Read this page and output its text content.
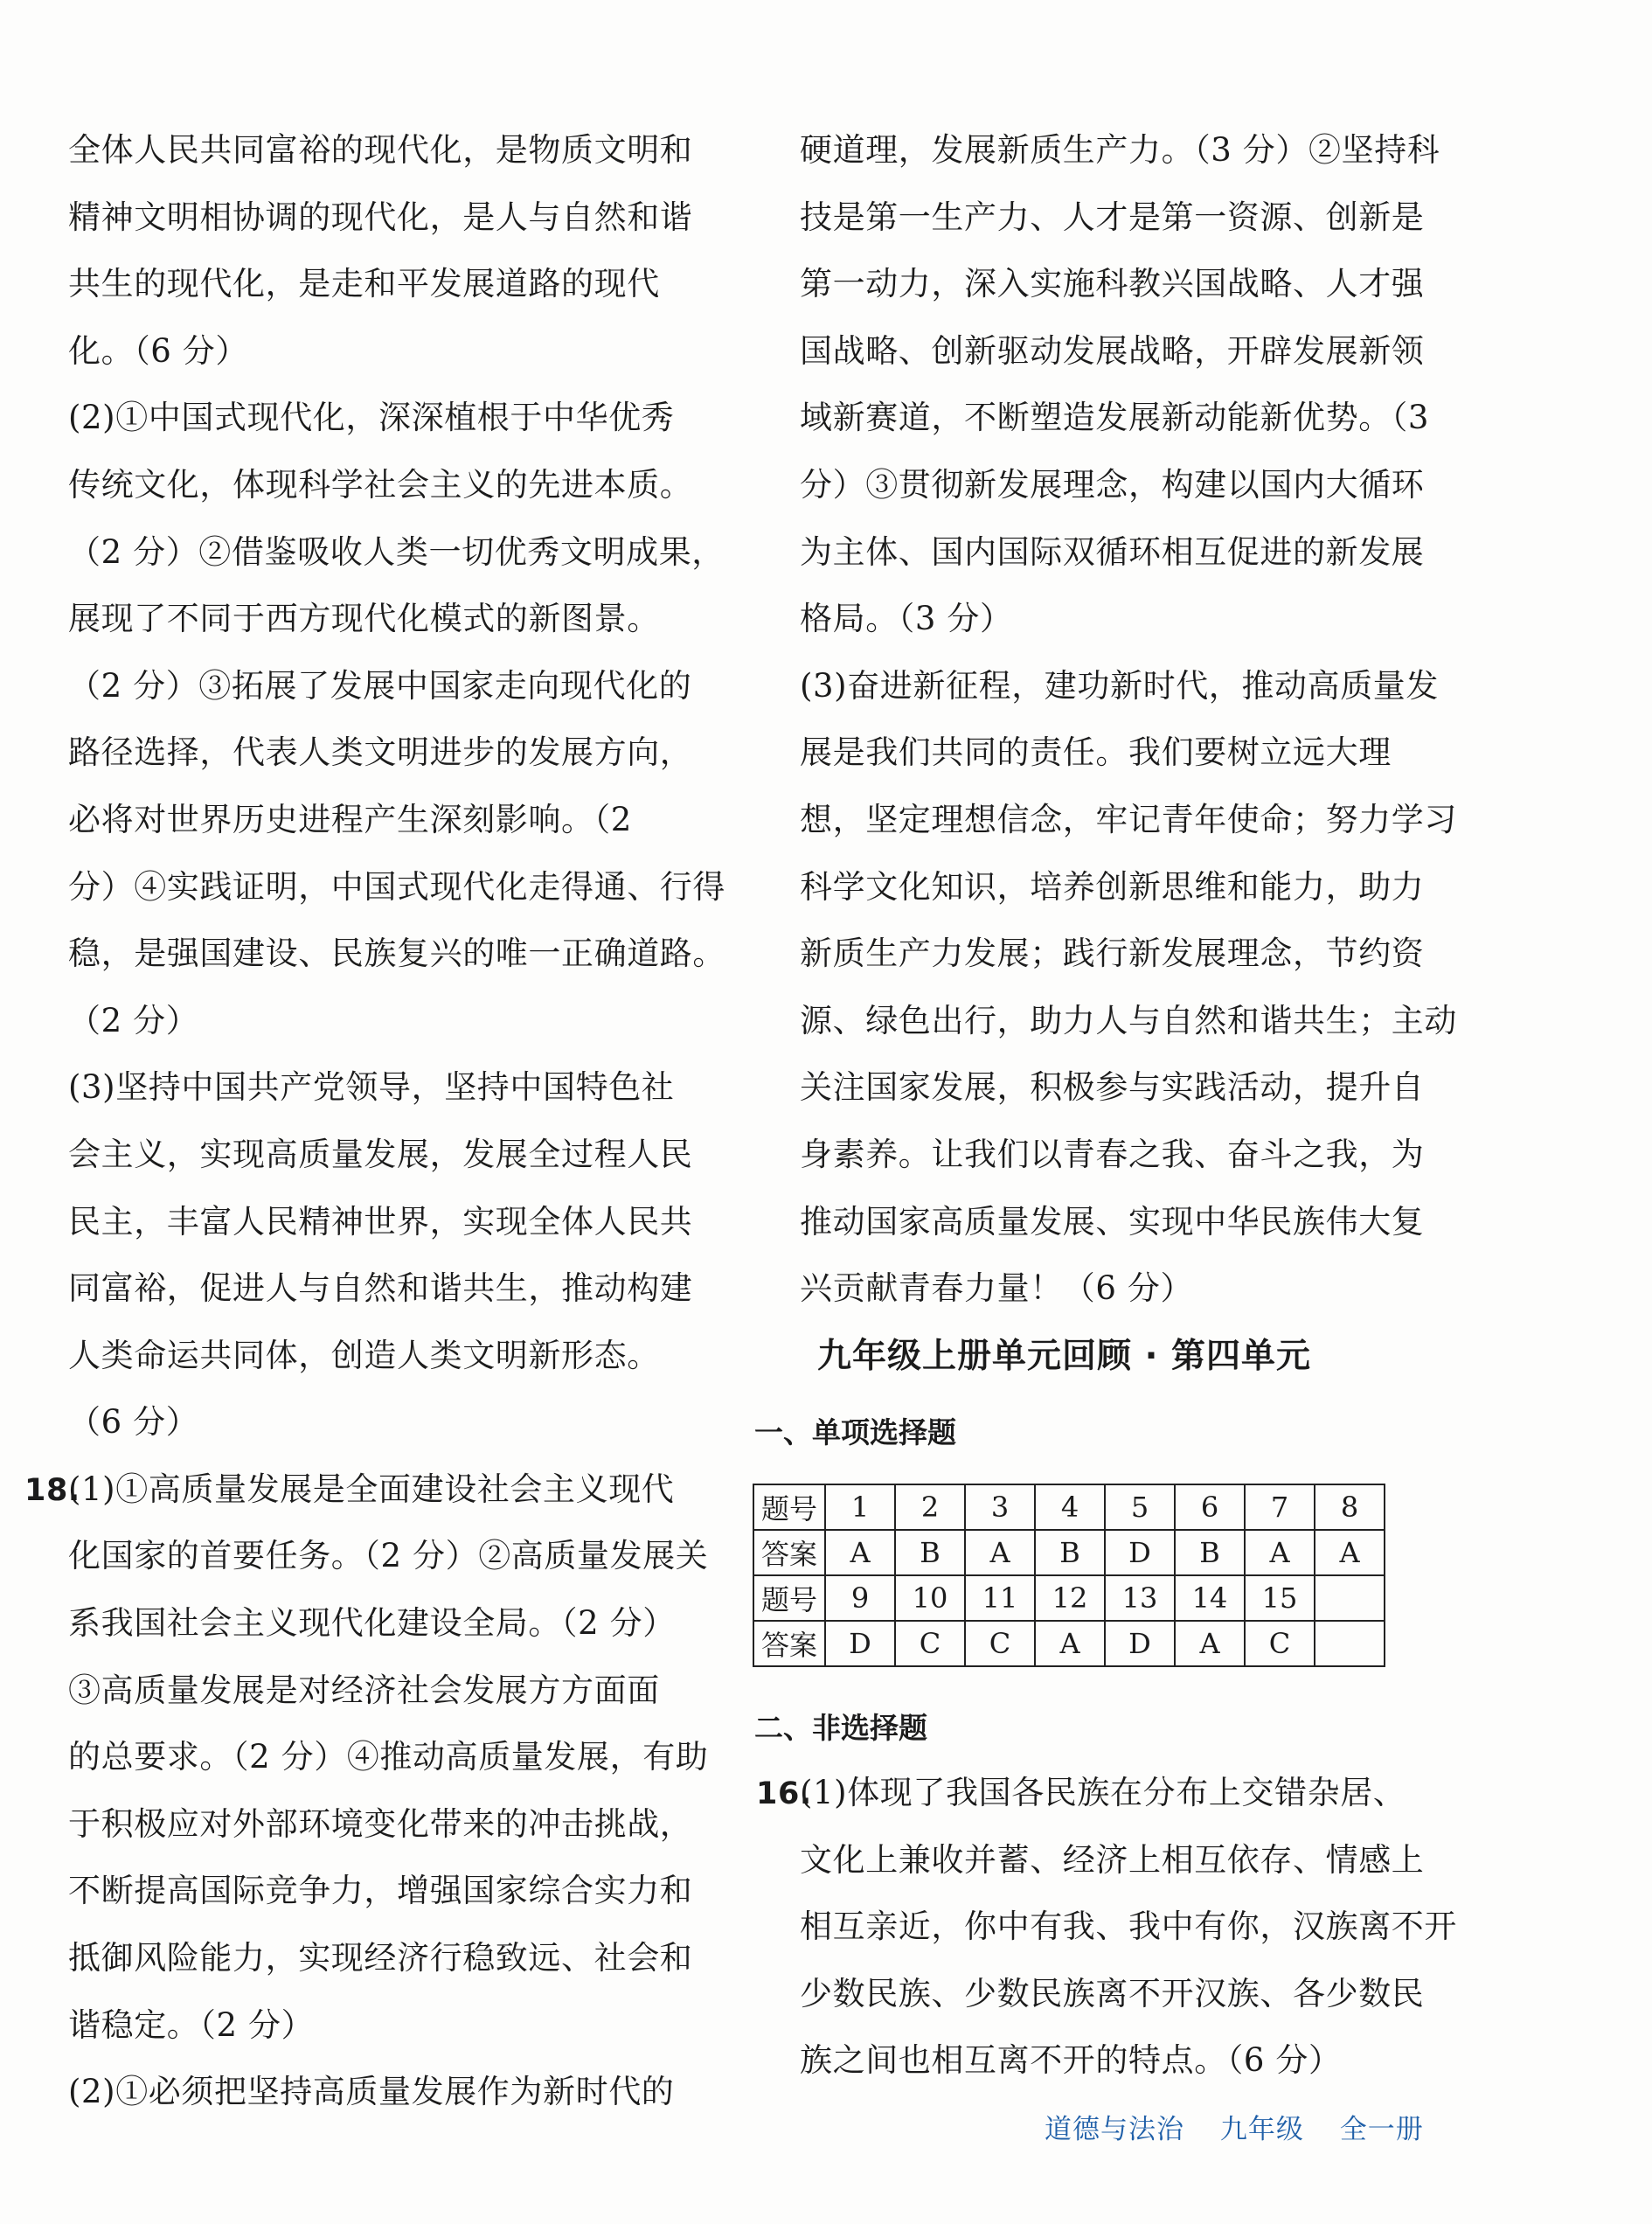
全体人民共同富裕的现代化，是物质文明和
精神文明相协调的现代化，是人与自然和谐
共生的现代化，是走和平发展道路的现代
化。（6 分）
(2)①中国式现代化，深深植根于中华优秀
传统文化，体现科学社会主义的先进本质。
（2 分）②借鉴吸收人类一切优秀文明成果，
展现了不同于西方现代化模式的新图景。
（2 分）③拓展了发展中国家走向现代化的
路径选择，代表人类文明进步的发展方向，
必将对世界历史进程产生深刻影响。（2
分）④实践证明，中国式现代化走得通、行得
稳，是强国建设、民族复兴的唯一正确道路。
（2 分）
(3)坚持中国共产党领导，坚持中国特色社
会主义，实现高质量发展，发展全过程人民
民主，丰富人民精神世界，实现全体人民共
同富裕，促进人与自然和谐共生，推动构建
人类命运共同体，创造人类文明新形态。
（6 分）
18.(1)①高质量发展是全面建设社会主义现代
化国家的首要任务。（2 分）②高质量发展关
系我国社会主义现代化建设全局。（2 分）
③高质量发展是对经济社会发展方方面面
的总要求。（2 分）④推动高质量发展，有助
于积极应对外部环境变化带来的冲击挑战，
不断提高国际竞争力，增强国家综合实力和
抵御风险能力，实现经济行稳致远、社会和
谐稳定。（2 分）
(2)①必须把坚持高质量发展作为新时代的
硬道理，发展新质生产力。（3 分）②坚持科
技是第一生产力、人才是第一资源、创新是
第一动力，深入实施科教兴国战略、人才强
国战略、创新驱动发展战略，开辟发展新领
域新赛道，不断塑造发展新动能新优势。（3
分）③贯彻新发展理念，构建以国内大循环
为主体、国内国际双循环相互促进的新发展
格局。（3 分）
(3)奋进新征程，建功新时代，推动高质量发
展是我们共同的责任。我们要树立远大理
想，坚定理想信念，牢记青年使命；努力学习
科学文化知识，培养创新思维和能力，助力
新质生产力发展；践行新发展理念，节约资
源、绿色出行，助力人与自然和谐共生；主动
关注国家发展，积极参与实践活动，提升自
身素养。让我们以青春之我、奋斗之我，为
推动国家高质量发展、实现中华民族伟大复
兴贡献青春力量！（6 分）
九年级上册单元回顾 · 第四单元
一、单项选择题
题号	1	2	3	4	5	6	7	8
答案	A	B	A	B	D	B	A	A
题号	9	10	11	12	13	14	15	
答案	D	C	C	A	D	A	C	
二、非选择题
16.(1)体现了我国各民族在分布上交错杂居、
文化上兼收并蓄、经济上相互依存、情感上
相互亲近，你中有我、我中有你，汉族离不开
少数民族、少数民族离不开汉族、各少数民
族之间也相互离不开的特点。（6 分）
道德与法治 九年级 全一册
